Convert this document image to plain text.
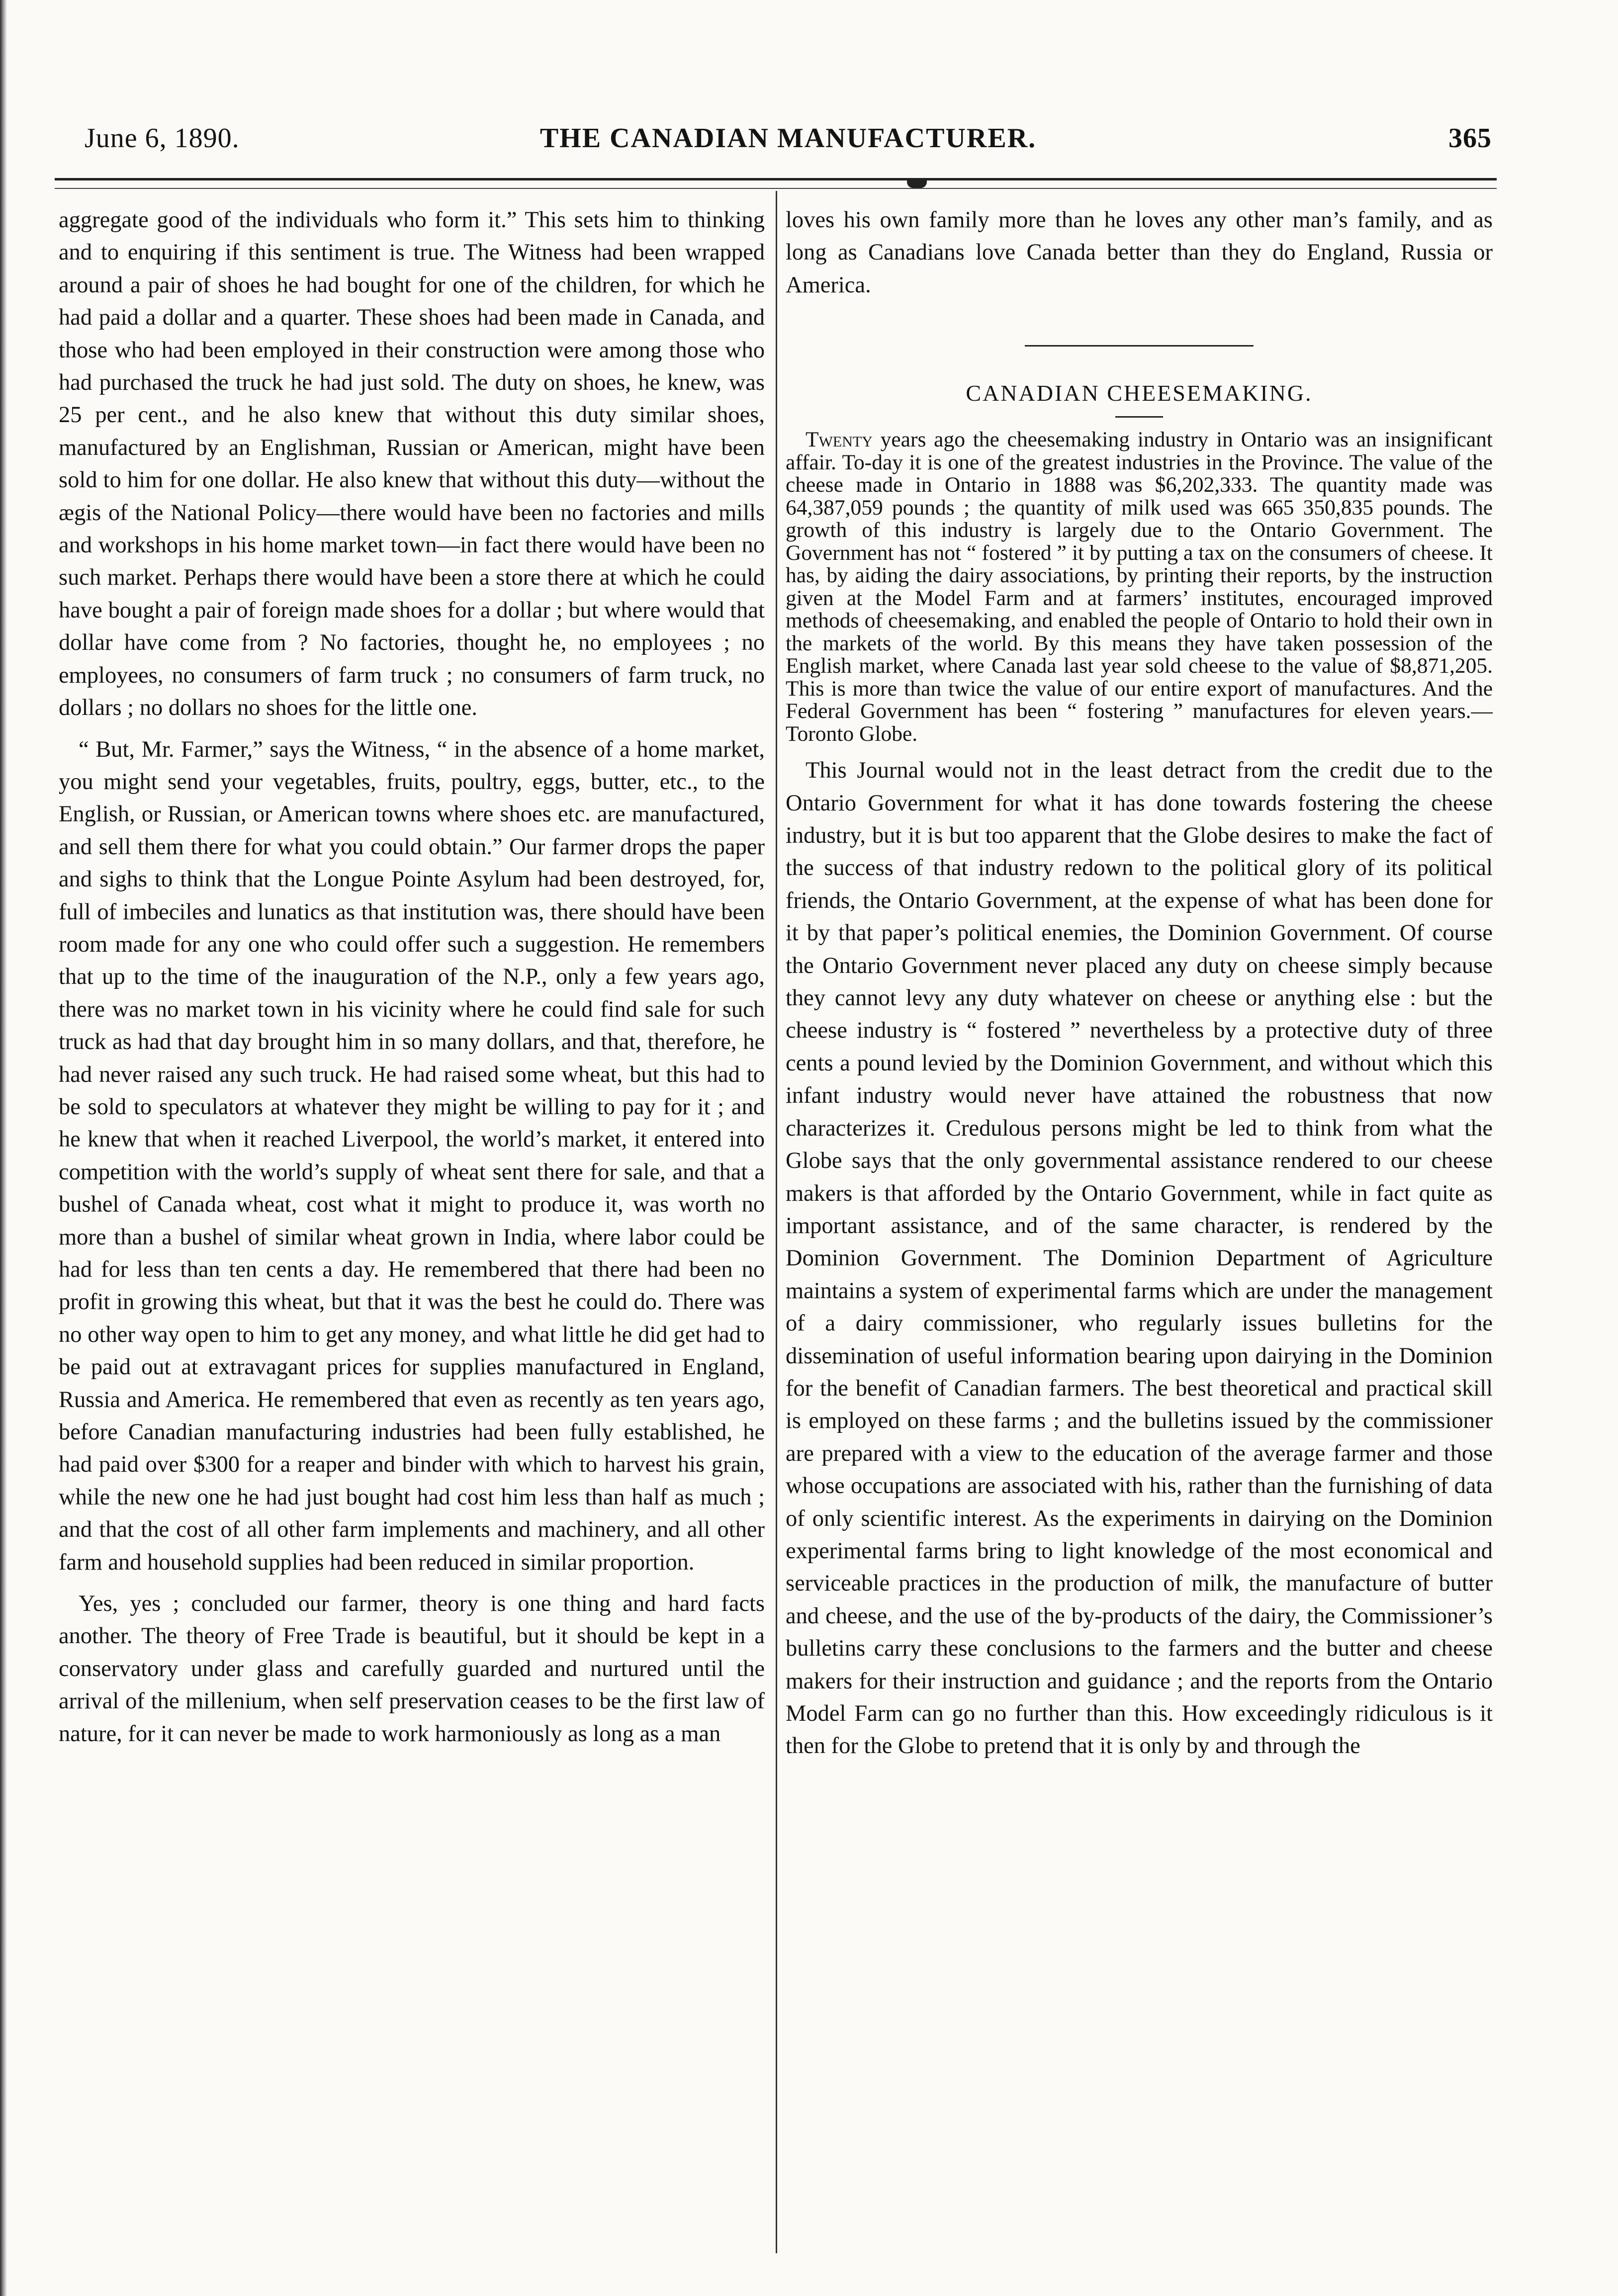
June 6, 1890.	THE CANADIAN MANUFACTURER.	365

aggregate good of the individuals who form it.” This sets him to thinking and to enquiring if this sentiment is true. The Witness had been wrapped around a pair of shoes he had bought for one of the children, for which he had paid a dollar and a quarter. These shoes had been made in Canada, and those who had been employed in their construction were among those who had purchased the truck he had just sold. The duty on shoes, he knew, was 25 per cent., and he also knew that without this duty similar shoes, manufactured by an Englishman, Russian or American, might have been sold to him for one dollar. He also knew that without this duty—without the ægis of the National Policy—there would have been no factories and mills and workshops in his home market town—in fact there would have been no such market. Perhaps there would have been a store there at which he could have bought a pair of foreign made shoes for a dollar ; but where would that dollar have come from ? No factories, thought he, no employees ; no employees, no consumers of farm truck ; no consumers of farm truck, no dollars ; no dollars no shoes for the little one.

“ But, Mr. Farmer,” says the Witness, “ in the absence of a home market, you might send your vegetables, fruits, poultry, eggs, butter, etc., to the English, or Russian, or American towns where shoes etc. are manufactured, and sell them there for what you could obtain.” Our farmer drops the paper and sighs to think that the Longue Pointe Asylum had been destroyed, for, full of imbeciles and lunatics as that institution was, there should have been room made for any one who could offer such a suggestion. He remembers that up to the time of the inauguration of the N.P., only a few years ago, there was no market town in his vicinity where he could find sale for such truck as had that day brought him in so many dollars, and that, therefore, he had never raised any such truck. He had raised some wheat, but this had to be sold to speculators at whatever they might be willing to pay for it ; and he knew that when it reached Liverpool, the world’s market, it entered into competition with the world’s supply of wheat sent there for sale, and that a bushel of Canada wheat, cost what it might to produce it, was worth no more than a bushel of similar wheat grown in India, where labor could be had for less than ten cents a day. He remembered that there had been no profit in growing this wheat, but that it was the best he could do. There was no other way open to him to get any money, and what little he did get had to be paid out at extravagant prices for supplies manufactured in England, Russia and America. He remembered that even as recently as ten years ago, before Canadian manufacturing industries had been fully established, he had paid over $300 for a reaper and binder with which to harvest his grain, while the new one he had just bought had cost him less than half as much ; and that the cost of all other farm implements and machinery, and all other farm and household supplies had been reduced in similar proportion.

Yes, yes ; concluded our farmer, theory is one thing and hard facts another. The theory of Free Trade is beautiful, but it should be kept in a conservatory under glass and carefully guarded and nurtured until the arrival of the millenium, when self preservation ceases to be the first law of nature, for it can never be made to work harmoniously as long as a man

loves his own family more than he loves any other man’s family, and as long as Canadians love Canada better than they do England, Russia or America.

CANADIAN CHEESEMAKING.

Twenty years ago the cheesemaking industry in Ontario was an insignificant affair. To-day it is one of the greatest industries in the Province. The value of the cheese made in Ontario in 1888 was $6,202,333. The quantity made was 64,387,059 pounds ; the quantity of milk used was 665 350,835 pounds. The growth of this industry is largely due to the Ontario Government. The Government has not “ fostered ” it by putting a tax on the consumers of cheese. It has, by aiding the dairy associations, by printing their reports, by the instruction given at the Model Farm and at farmers’ institutes, encouraged improved methods of cheesemaking, and enabled the people of Ontario to hold their own in the markets of the world. By this means they have taken possession of the English market, where Canada last year sold cheese to the value of $8,871,205. This is more than twice the value of our entire export of manufactures. And the Federal Government has been “ fostering ” manufactures for eleven years.—Toronto Globe.

This Journal would not in the least detract from the credit due to the Ontario Government for what it has done towards fostering the cheese industry, but it is but too apparent that the Globe desires to make the fact of the success of that industry redown to the political glory of its political friends, the Ontario Government, at the expense of what has been done for it by that paper’s political enemies, the Dominion Government. Of course the Ontario Government never placed any duty on cheese simply because they cannot levy any duty whatever on cheese or anything else : but the cheese industry is “ fostered ” nevertheless by a protective duty of three cents a pound levied by the Dominion Government, and without which this infant industry would never have attained the robustness that now characterizes it. Credulous persons might be led to think from what the Globe says that the only governmental assistance rendered to our cheese makers is that afforded by the Ontario Government, while in fact quite as important assistance, and of the same character, is rendered by the Dominion Government. The Dominion Department of Agriculture maintains a system of experimental farms which are under the management of a dairy commissioner, who regularly issues bulletins for the dissemination of useful information bearing upon dairying in the Dominion for the benefit of Canadian farmers. The best theoretical and practical skill is employed on these farms ; and the bulletins issued by the commissioner are prepared with a view to the education of the average farmer and those whose occupations are associated with his, rather than the furnishing of data of only scientific interest. As the experiments in dairying on the Dominion experimental farms bring to light knowledge of the most economical and serviceable practices in the production of milk, the manufacture of butter and cheese, and the use of the by-products of the dairy, the Commissioner’s bulletins carry these conclusions to the farmers and the butter and cheese makers for their instruction and guidance ; and the reports from the Ontario Model Farm can go no further than this. How exceedingly ridiculous is it then for the Globe to pretend that it is only by and through the
